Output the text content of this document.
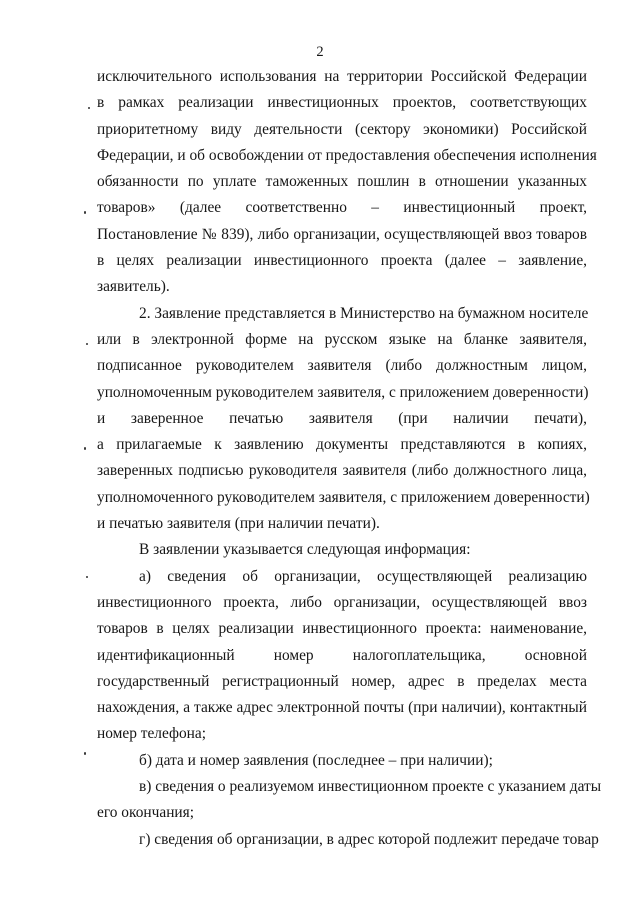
2
исключительного использования на территории Российской Федерации
в рамках реализации инвестиционных проектов, соответствующих
приоритетному виду деятельности (сектору экономики) Российской
Федерации, и об освобождении от предоставления обеспечения исполнения
обязанности по уплате таможенных пошлин в отношении указанных
товаров» (далее соответственно – инвестиционный проект,
Постановление № 839), либо организации, осуществляющей ввоз товаров
в целях реализации инвестиционного проекта (далее – заявление,
заявитель).
2. Заявление представляется в Министерство на бумажном носителе
или в электронной форме на русском языке на бланке заявителя,
подписанное руководителем заявителя (либо должностным лицом,
уполномоченным руководителем заявителя, с приложением доверенности)
и заверенное печатью заявителя (при наличии печати),
а прилагаемые к заявлению документы представляются в копиях,
заверенных подписью руководителя заявителя (либо должностного лица,
уполномоченного руководителем заявителя, с приложением доверенности)
и печатью заявителя (при наличии печати).
В заявлении указывается следующая информация:
а) сведения об организации, осуществляющей реализацию
инвестиционного проекта, либо организации, осуществляющей ввоз
товаров в целях реализации инвестиционного проекта: наименование,
идентификационный номер налогоплательщика, основной
государственный регистрационный номер, адрес в пределах места
нахождения, а также адрес электронной почты (при наличии), контактный
номер телефона;
б) дата и номер заявления (последнее – при наличии);
в) сведения о реализуемом инвестиционном проекте с указанием даты
его окончания;
г) сведения об организации, в адрес которой подлежит передаче товар
